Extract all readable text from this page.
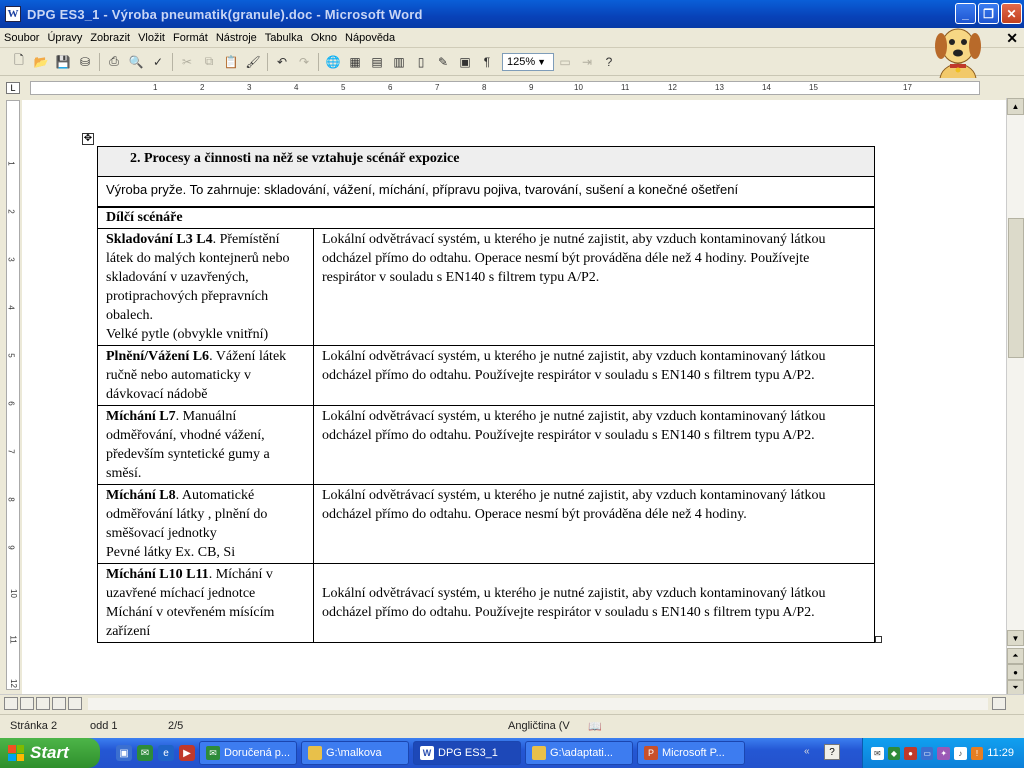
W DPG ES3_1 - Výroba pneumatik(granule).doc - Microsoft Word	_	❐	✕
Soubor Úpravy Zobrazit Vložit Formát Nástroje Tabulka Okno Nápověda	✕
🗋 📂 💾 ⛁	⎙ 🔍 ✓	✂	⧉ 📋 🖌	↶ ↷	🌐 ▦ ▤ ▥	▯	✎ ▣	¶	125% ▼	▭ ⇥	?
L	1	2	3	4	5	6	7	8	9	10	11	12	13	14	15	17
1
2
3
4
5
6
7
8
9
10
11
12
✥
2. Procesy a činnosti na něž se vztahuje scénář expozice	
Výroba pryže. To zahrnuje: skladování, vážení, míchání, přípravu pojiva, tvarování, sušení a konečné ošetření	
Dílčí scénáře	
Skladování L3 L4. Přemístění látek do malých kontejnerů nebo skladování v uzavřených, protiprachových přepravních obalech.
Velké pytle (obvykle vnitřní)	Lokální odvětrávací systém, u kterého je nutné zajistit, aby vzduch kontaminovaný látkou odcházel přímo do odtahu. Operace nesmí být prováděna déle než 4 hodiny. Používejte respirátor v souladu s EN140 s filtrem typu A/P2.
Plnění/Vážení L6. Vážení látek ručně nebo automaticky v dávkovací nádobě	Lokální odvětrávací systém, u kterého je nutné zajistit, aby vzduch kontaminovaný látkou odcházel přímo do odtahu. Používejte respirátor v souladu s EN140 s filtrem typu A/P2.
Míchání L7. Manuální odměřování, vhodné vážení, především syntetické gumy a směsí.	Lokální odvětrávací systém, u kterého je nutné zajistit, aby vzduch kontaminovaný látkou odcházel přímo do odtahu. Používejte respirátor v souladu s EN140 s filtrem typu A/P2.
Míchání L8. Automatické odměřování látky , plnění do směšovací jednotky
Pevné látky Ex. CB, Si	Lokální odvětrávací systém, u kterého je nutné zajistit, aby vzduch kontaminovaný látkou odcházel přímo do odtahu. Operace nesmí být prováděna déle než 4 hodiny.
Míchání L10 L11. Míchání v uzavřené míchací jednotce
Míchání v otevřeném mísícím zařízení	Lokální odvětrávací systém, u kterého je nutné zajistit, aby vzduch kontaminovaný látkou odcházel přímo do odtahu. Používejte respirátor v souladu s EN140 s filtrem typu A/P2.
▲
▼
⏶
●
⏷
Stránka 2	odd 1	2/5	Angličtina (V 📖
Start	▣	✉	e	▶	✉ Doručená p...	G:\malkova	W DPG ES3_1	G:\adaptati...	P Microsoft P...	«	?	✉	◆	●	▭	✦	♪	! 11:29
